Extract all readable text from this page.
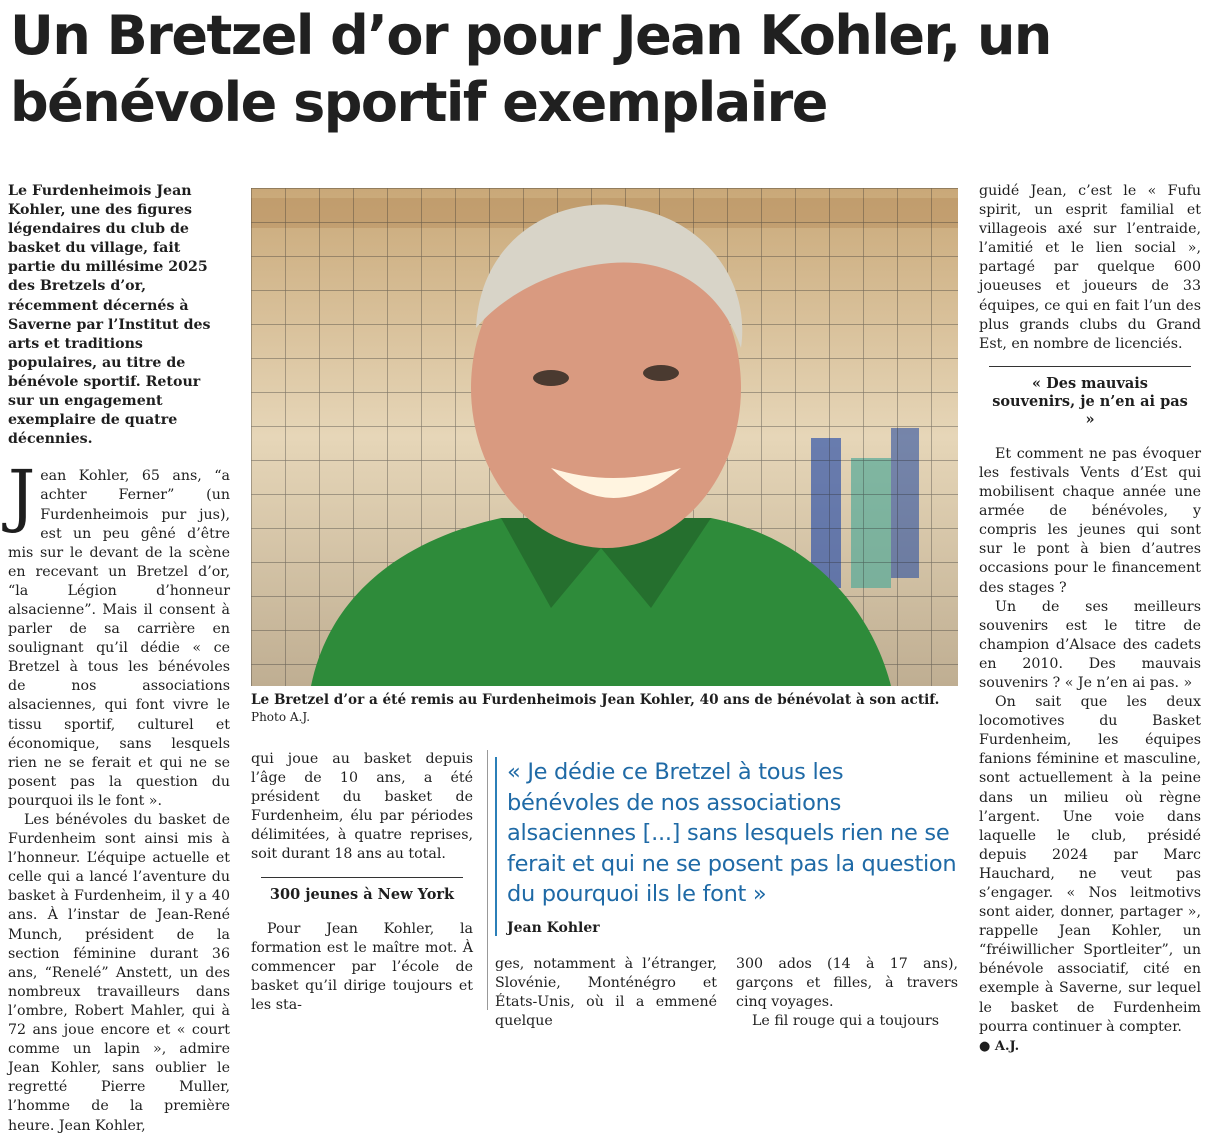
Un Bretzel d’or pour Jean Kohler, un bénévole sportif exemplaire

Le Furdenheimois Jean Kohler, une des figures légendaires du club de basket du village, fait partie du millésime 2025 des Bretzels d’or, récemment décernés à Saverne par l’Institut des arts et traditions populaires, au titre de bénévole sportif. Retour sur un engagement exemplaire de quatre décennies.

Jean Kohler, 65 ans, “a achter Ferner” (un Furdenheimois pur jus), est un peu gêné d’être mis sur le devant de la scène en recevant un Bretzel d’or, “la Légion d’honneur alsacienne”. Mais il consent à parler de sa carrière en soulignant qu’il dédie « ce Bretzel à tous les bénévoles de nos associations alsaciennes, qui font vivre le tissu sportif, culturel et économique, sans lesquels rien ne se ferait et qui ne se posent pas la question du pourquoi ils le font ».

Les bénévoles du basket de Furdenheim sont ainsi mis à l’honneur. L’équipe actuelle et celle qui a lancé l’aventure du basket à Furdenheim, il y a 40 ans. À l’instar de Jean-René Munch, président de la section féminine durant 36 ans, “Renelé” Anstett, un des nombreux travailleurs dans l’ombre, Robert Mahler, qui à 72 ans joue encore et « court comme un lapin », admire Jean Kohler, sans oublier le regretté Pierre Muller, l’homme de la première heure. Jean Kohler,

Le Bretzel d’or a été remis au Furdenheimois Jean Kohler, 40 ans de bénévolat à son actif.
Photo A.J.

qui joue au basket depuis l’âge de 10 ans, a été président du basket de Furdenheim, élu par périodes délimitées, à quatre reprises, soit durant 18 ans au total.

300 jeunes à New York

Pour Jean Kohler, la formation est le maître mot. À commencer par l’école de basket qu’il dirige toujours et les sta-

« Je dédie ce Bretzel à tous les bénévoles de nos associations alsaciennes [...] sans lesquels rien ne se ferait et qui ne se posent pas la question du pourquoi ils le font »
Jean Kohler

ges, notamment à l’étranger, Slovénie, Monténégro et États-Unis, où il a emmené quelque

300 ados (14 à 17 ans), garçons et filles, à travers cinq voyages.

Le fil rouge qui a toujours

guidé Jean, c’est le « Fufu spirit, un esprit familial et villageois axé sur l’entraide, l’amitié et le lien social », partagé par quelque 600 joueuses et joueurs de 33 équipes, ce qui en fait l’un des plus grands clubs du Grand Est, en nombre de licenciés.

« Des mauvais souvenirs, je n’en ai pas »

Et comment ne pas évoquer les festivals Vents d’Est qui mobilisent chaque année une armée de bénévoles, y compris les jeunes qui sont sur le pont à bien d’autres occasions pour le financement des stages ?

Un de ses meilleurs souvenirs est le titre de champion d’Alsace des cadets en 2010. Des mauvais souvenirs ? « Je n’en ai pas. »

On sait que les deux locomotives du Basket Furdenheim, les équipes fanions féminine et masculine, sont actuellement à la peine dans un milieu où règne l’argent. Une voie dans laquelle le club, présidé depuis 2024 par Marc Hauchard, ne veut pas s’engager. « Nos leitmotivs sont aider, donner, partager », rappelle Jean Kohler, un “fréiwillicher Sportleiter”, un bénévole associatif, cité en exemple à Saverne, sur lequel le basket de Furdenheim pourra continuer à compter.

● A.J.
